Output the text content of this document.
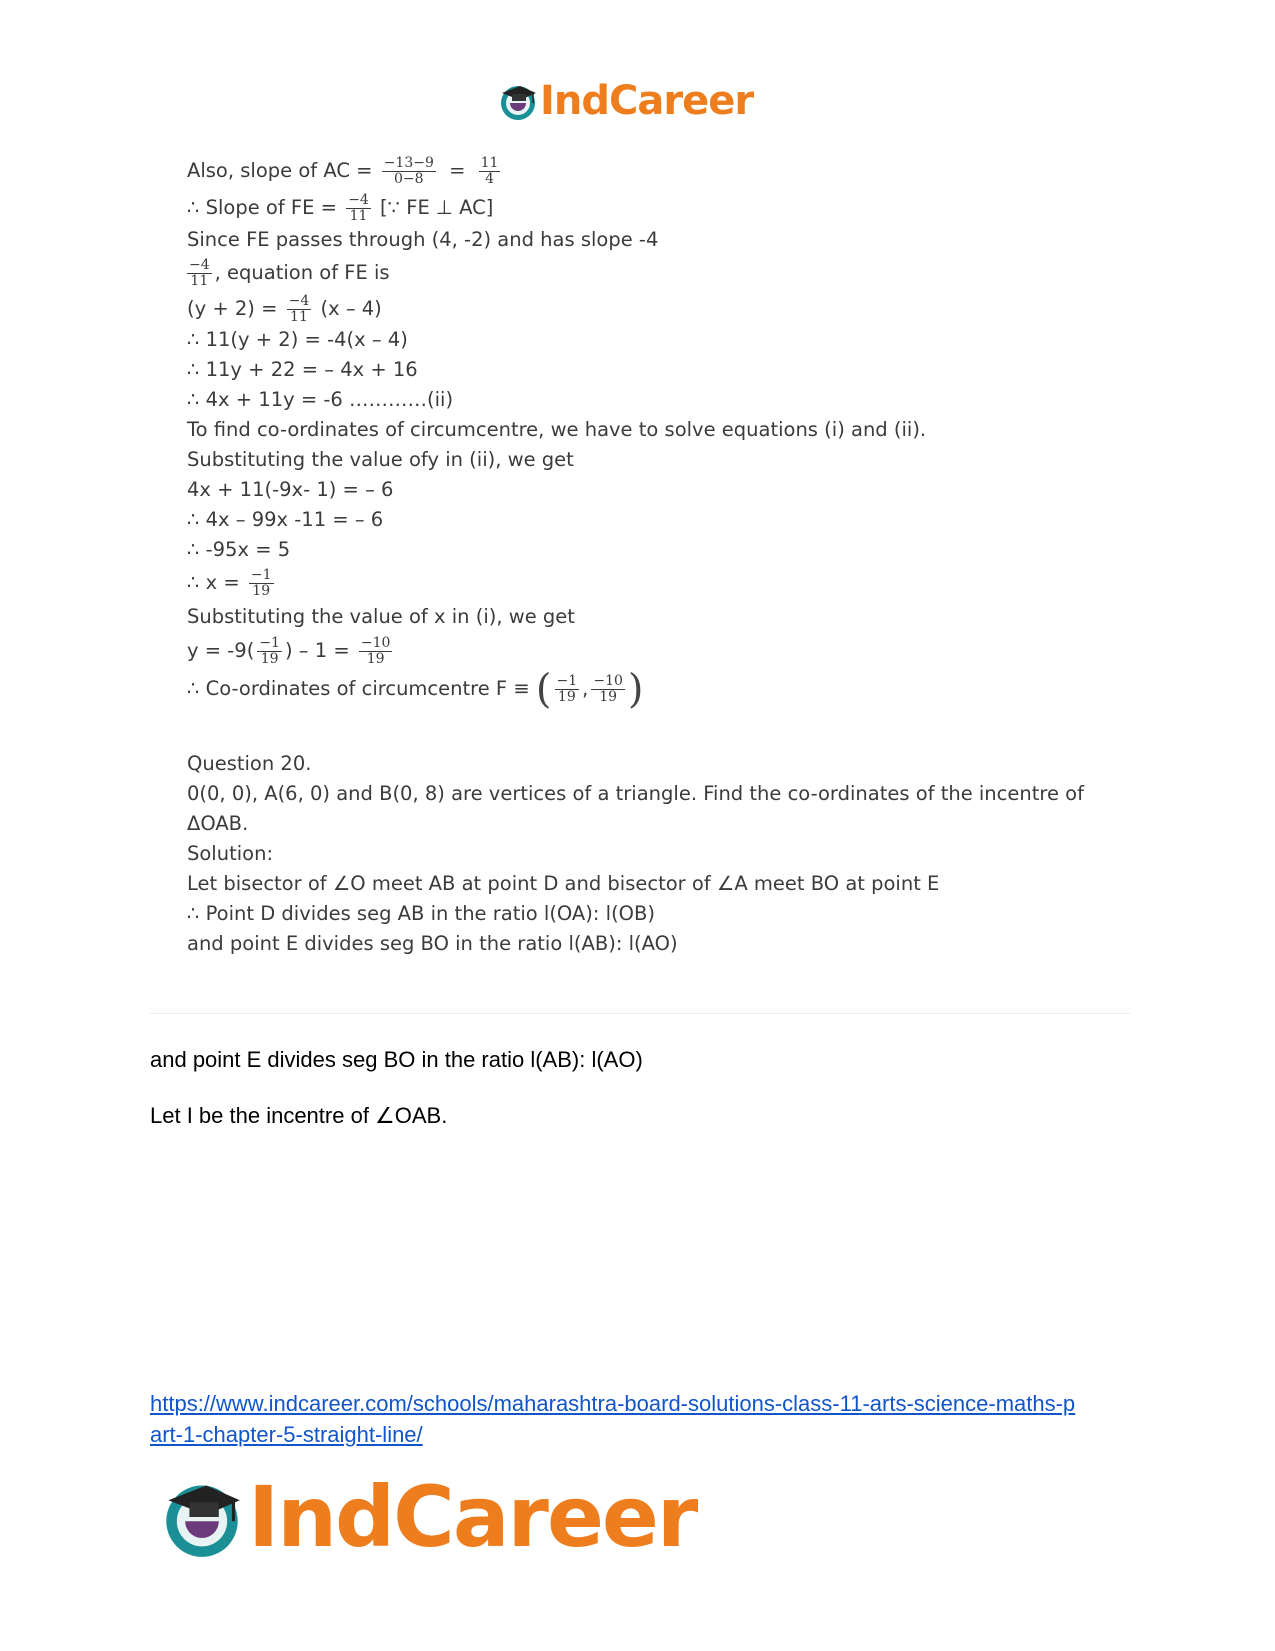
IndCareer
Also, slope of AC = $\frac{-13-9}{0-8} = \frac{11}{4}$
∴ Slope of FE = $\frac{-4}{11}$ [∵ FE ⊥ AC]
Since FE passes through (4, -2) and has slope -4
$\frac{-4}{11}$ , equation of FE is
$(y + 2) = \frac{-4}{11} (x - 4)$
∴ 11(y + 2) = -4(x – 4)
∴ 11y + 22 = – 4x + 16
∴ 4x + 11y = -6 …………(ii)
To find co-ordinates of circumcentre, we have to solve equations (i) and (ii).
Substituting the value ofy in (ii), we get
4x + 11(-9x- 1) = – 6
∴ 4x – 99x -11 = – 6
∴ -95x = 5
∴ $x = \frac{-1}{19}$
Substituting the value of x in (i), we get
$y = -9( \frac{-1}{19}$ ) – $1 = \frac{-10}{19}$
∴ Co-ordinates of circumcentre F ≡ ( $\frac{-1}{19}$ , $\frac{-10}{19}$ )
Question 20.
0(0, 0), A(6, 0) and B(0, 8) are vertices of a triangle. Find the co-ordinates of the incentre of
ΔOAB.
Solution:
Let bisector of ∠O meet AB at point D and bisector of ∠A meet BO at point E
∴ Point D divides seg AB in the ratio l(OA): l(OB)
and point E divides seg BO in the ratio l(AB): l(AO)
and point E divides seg BO in the ratio l(AB): l(AO)
Let I be the incentre of ∠OAB.
https://www.indcareer.com/schools/maharashtra-board-solutions-class-11-arts-science-maths-p
art-1-chapter-5-straight-line/
IndCareer
